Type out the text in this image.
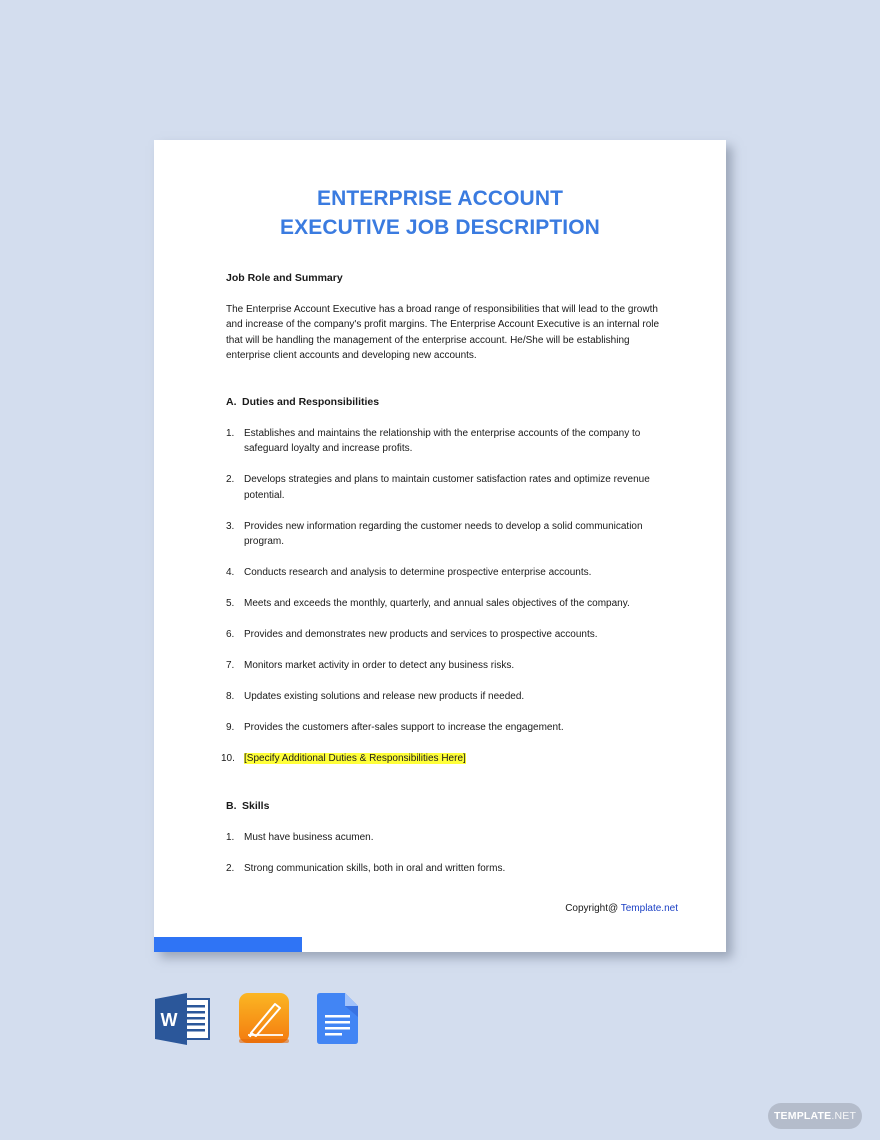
ENTERPRISE ACCOUNT
EXECUTIVE JOB DESCRIPTION

Job Role and Summary

The Enterprise Account Executive has a broad range of responsibilities that will lead to the growth
and increase of the company's profit margins. The Enterprise Account Executive is an internal role
that will be handling the management of the enterprise account. He/She will be establishing
enterprise client accounts and developing new accounts.

A. Duties and Responsibilities

1. Establishes and maintains the relationship with the enterprise accounts of the company to
safeguard loyalty and increase profits.
2. Develops strategies and plans to maintain customer satisfaction rates and optimize revenue
potential.
3. Provides new information regarding the customer needs to develop a solid communication
program.
4. Conducts research and analysis to determine prospective enterprise accounts.
5. Meets and exceeds the monthly, quarterly, and annual sales objectives of the company.
6. Provides and demonstrates new products and services to prospective accounts.
7. Monitors market activity in order to detect any business risks.
8. Updates existing solutions and release new products if needed.
9. Provides the customers after-sales support to increase the engagement.
10. [Specify Additional Duties & Responsibilities Here]

B. Skills

1. Must have business acumen.
2. Strong communication skills, both in oral and written forms.
Copyright@ Template.net
W
TEMPLATE.NET
